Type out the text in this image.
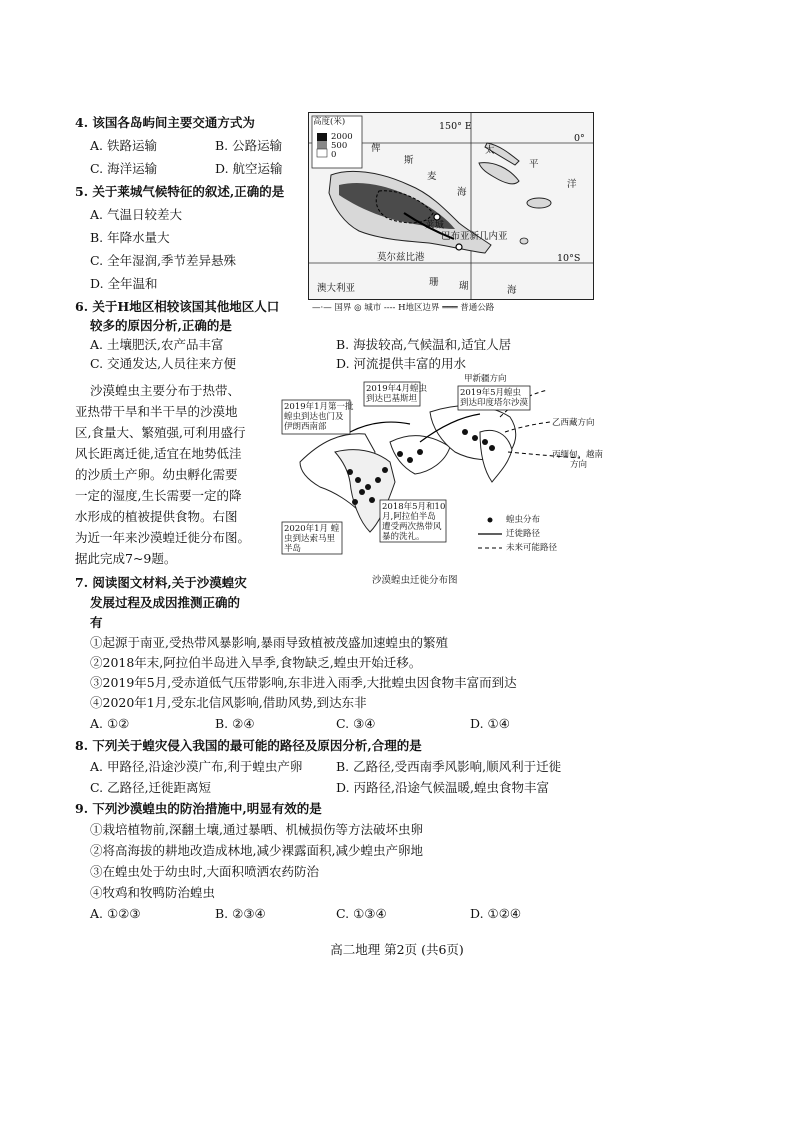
4. 该国各岛屿间主要交通方式为
A. 铁路运输	B. 公路运输
C. 海洋运输	D. 航空运输
5. 关于莱城气候特征的叙述,正确的是
A. 气温日较差大
B. 年降水量大
C. 全年湿润,季节差异悬殊
D. 全年温和
6. 关于H地区相较该国其他地区人口
较多的原因分析,正确的是
A. 土壤肥沃,农产品丰富	B. 海拔较高,气候温和,适宜人居
C. 交通发达,人员往来方便	D. 河流提供丰富的用水
高度(米)
2000
500
0
150° E
0°
10°S
俾
斯
麦
海
太
平
洋
莱城
巴布亚新几内亚
莫尔兹比港
珊 瑚	海
澳大利亚
—·— 国界 ◎ 城市 ---- H地区边界 ═══ 普通公路
沙漠蝗虫主要分布于热带、
亚热带干旱和半干旱的沙漠地
区,食量大、繁殖强,可利用盛行
风长距离迁徙,适宜在地势低洼
的沙质土产卵。幼虫孵化需要
一定的湿度,生长需要一定的降
水形成的植被提供食物。右图
为近一年来沙漠蝗迁徙分布图。
据此完成7~9题。
2019年1月第一批
蝗虫到达也门及
伊朗西南部
2019年4月蝗虫
到达巴基斯坦
2019年5月蝗虫
到达印度塔尔沙漠
2018年5月和10
月,阿拉伯半岛
遭受两次热带风
暴的洗礼。
2020年1月 蝗
虫到达索马里
半岛
甲新疆方向
乙西藏方向
丙缅甸、越南
方向
蝗虫分布
迁徙路径
未来可能路径
沙漠蝗虫迁徙分布图
7. 阅读图文材料,关于沙漠蝗灾
发展过程及成因推测正确的
有
①起源于南亚,受热带风暴影响,暴雨导致植被茂盛加速蝗虫的繁殖
②2018年末,阿拉伯半岛进入旱季,食物缺乏,蝗虫开始迁移。
③2019年5月,受赤道低气压带影响,东非进入雨季,大批蝗虫因食物丰富而到达
④2020年1月,受东北信风影响,借助风势,到达东非
A. ①②	B. ②④	C. ③④	D. ①④
8. 下列关于蝗灾侵入我国的最可能的路径及原因分析,合理的是
A. 甲路径,沿途沙漠广布,利于蝗虫产卵	B. 乙路径,受西南季风影响,顺风利于迁徙
C. 乙路径,迁徙距离短	D. 丙路径,沿途气候温暖,蝗虫食物丰富
9. 下列沙漠蝗虫的防治措施中,明显有效的是
①栽培植物前,深翻土壤,通过暴晒、机械损伤等方法破坏虫卵
②将高海拔的耕地改造成林地,减少裸露面积,减少蝗虫产卵地
③在蝗虫处于幼虫时,大面积喷洒农药防治
④牧鸡和牧鸭防治蝗虫
A. ①②③	B. ②③④	C. ①③④	D. ①②④
高二地理 第2页 (共6页)
